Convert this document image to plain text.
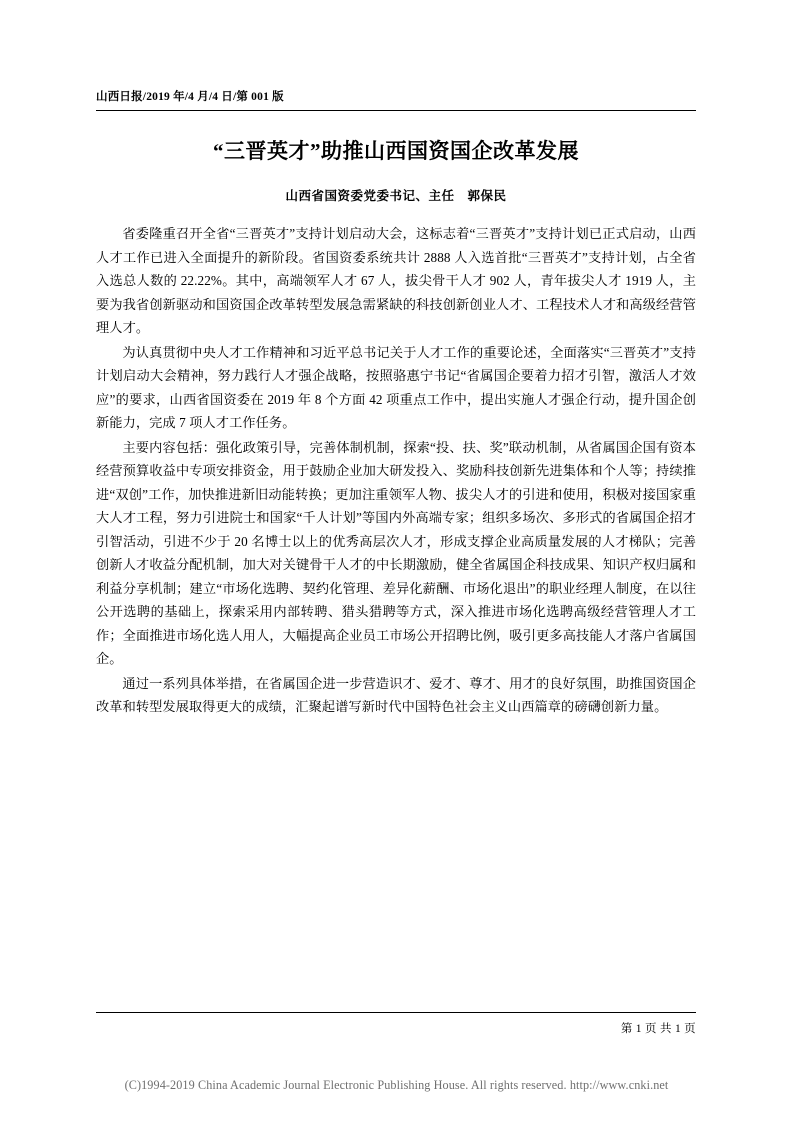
山西日报/2019 年/4 月/4 日/第 001 版
“三晋英才”助推山西国资国企改革发展
山西省国资委党委书记、主任　郭保民

省委隆重召开全省“三晋英才”支持计划启动大会，这标志着“三晋英才”支持计划已正式启动，山西人才工作已进入全面提升的新阶段。省国资委系统共计 2888 人入选首批“三晋英才”支持计划，占全省入选总人数的 22.22%。其中，高端领军人才 67 人，拔尖骨干人才 902 人，青年拔尖人才 1919 人，主要为我省创新驱动和国资国企改革转型发展急需紧缺的科技创新创业人才、工程技术人才和高级经营管理人才。

为认真贯彻中央人才工作精神和习近平总书记关于人才工作的重要论述，全面落实“三晋英才”支持计划启动大会精神，努力践行人才强企战略，按照骆惠宁书记“省属国企要着力招才引智，激活人才效应”的要求，山西省国资委在 2019 年 8 个方面 42 项重点工作中，提出实施人才强企行动，提升国企创新能力，完成 7 项人才工作任务。

主要内容包括：强化政策引导，完善体制机制，探索“投、扶、奖”联动机制，从省属国企国有资本经营预算收益中专项安排资金，用于鼓励企业加大研发投入、奖励科技创新先进集体和个人等；持续推进“双创”工作，加快推进新旧动能转换；更加注重领军人物、拔尖人才的引进和使用，积极对接国家重大人才工程，努力引进院士和国家“千人计划”等国内外高端专家；组织多场次、多形式的省属国企招才引智活动，引进不少于 20 名博士以上的优秀高层次人才，形成支撑企业高质量发展的人才梯队；完善创新人才收益分配机制，加大对关键骨干人才的中长期激励，健全省属国企科技成果、知识产权归属和利益分享机制；建立“市场化选聘、契约化管理、差异化薪酬、市场化退出”的职业经理人制度，在以往公开选聘的基础上，探索采用内部转聘、猎头猎聘等方式，深入推进市场化选聘高级经营管理人才工作；全面推进市场化选人用人，大幅提高企业员工市场公开招聘比例，吸引更多高技能人才落户省属国企。

通过一系列具体举措，在省属国企进一步营造识才、爱才、尊才、用才的良好氛围，助推国资国企改革和转型发展取得更大的成绩，汇聚起谱写新时代中国特色社会主义山西篇章的磅礴创新力量。

第 1 页 共 1 页
(C)1994-2019 China Academic Journal Electronic Publishing House. All rights reserved. http://www.cnki.net
